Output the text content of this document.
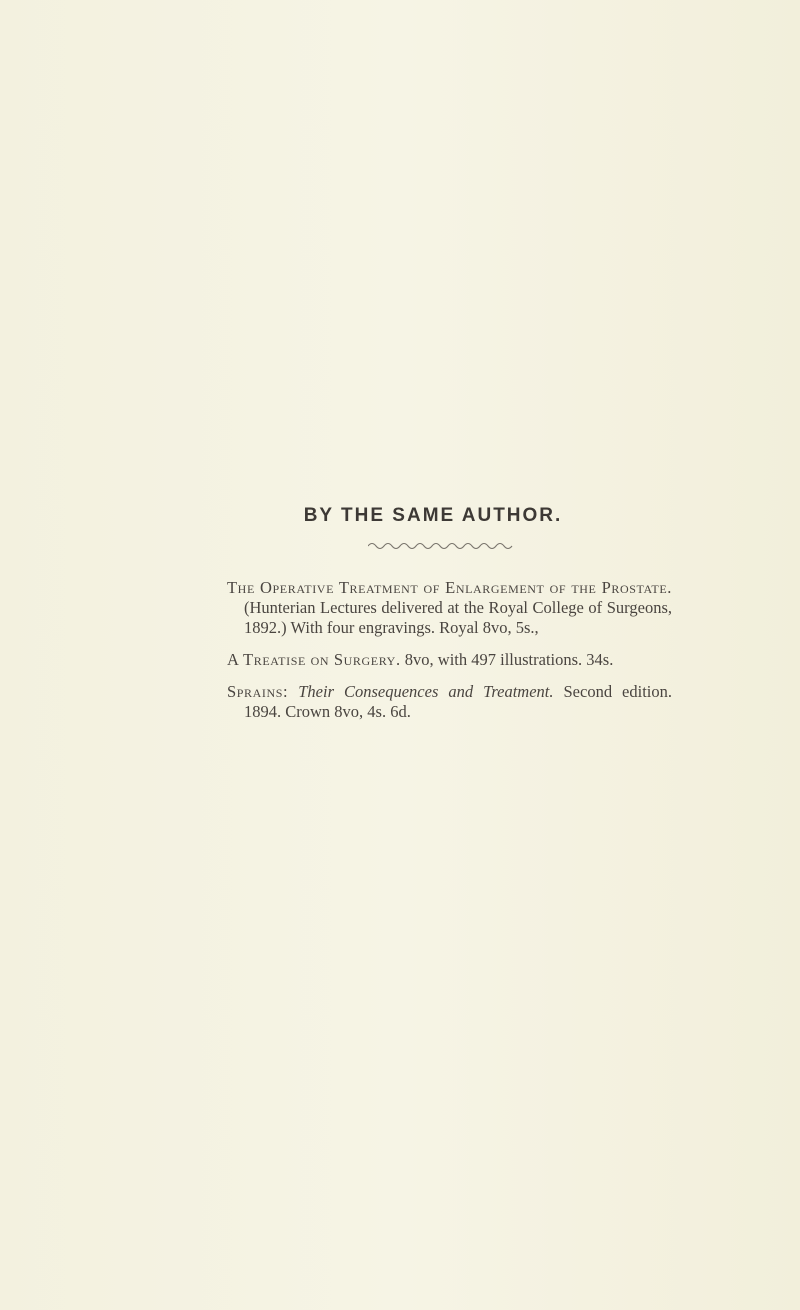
BY THE SAME AUTHOR.

The Operative Treatment of Enlargement of the Prostate. (Hunterian Lectures delivered at the Royal College of Surgeons, 1892.) With four engravings. Royal 8vo, 5s.,

A Treatise on Surgery. 8vo, with 497 illustrations. 34s.

Sprains: Their Consequences and Treatment. Second edition. 1894. Crown 8vo, 4s. 6d.
